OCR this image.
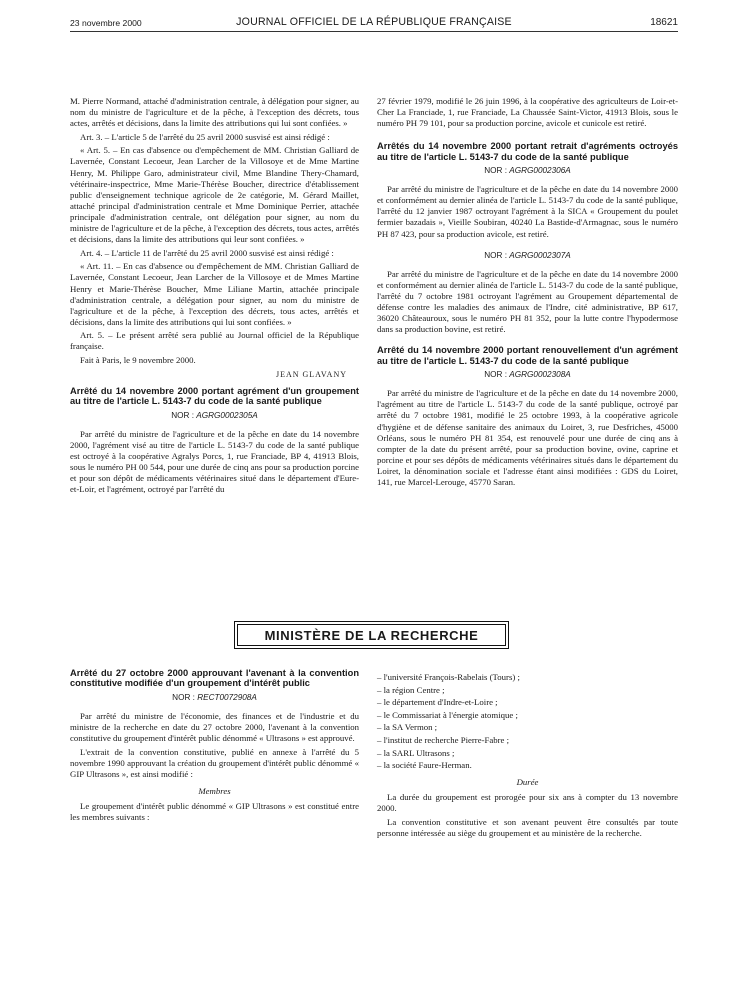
23 novembre 2000	JOURNAL OFFICIEL DE LA RÉPUBLIQUE FRANÇAISE	18621

M. Pierre Normand, attaché d'administration centrale, à délégation pour signer, au nom du ministre de l'agriculture et de la pêche, à l'exception des décrets, tous actes, arrêtés et décisions, dans la limite des attributions qui lui sont confiées. »

Art. 3. – L'article 5 de l'arrêté du 25 avril 2000 susvisé est ainsi rédigé :

« Art. 5. – En cas d'absence ou d'empêchement de MM. Christian Galliard de Lavernée, Constant Lecoeur, Jean Larcher de la Villosoye et de Mme Martine Henry, M. Philippe Garo, administrateur civil, Mme Blandine Thery-Chamard, vétérinaire-inspectrice, Mme Marie-Thérèse Boucher, directrice d'établissement public d'enseignement technique agricole de 2e catégorie, M. Gérard Maillet, attaché principal d'administration centrale et Mme Dominique Perrier, attachée principale d'administration centrale, ont délégation pour signer, au nom du ministre de l'agriculture et de la pêche, à l'exception des décrets, tous actes, arrêtés et décisions, dans la limite des attributions qui leur sont confiées. »

Art. 4. – L'article 11 de l'arrêté du 25 avril 2000 susvisé est ainsi rédigé :

« Art. 11. – En cas d'absence ou d'empêchement de MM. Christian Galliard de Lavernée, Constant Lecoeur, Jean Larcher de la Villosoye et de Mmes Martine Henry et Marie-Thérèse Boucher, Mme Liliane Martin, attachée principale d'administration centrale, a délégation pour signer, au nom du ministre de l'agriculture et de la pêche, à l'exception des décrets, tous actes, arrêtés et décisions, dans la limite des attributions qui lui sont confiées. »

Art. 5. – Le présent arrêté sera publié au Journal officiel de la République française.

Fait à Paris, le 9 novembre 2000.

JEAN GLAVANY

Arrêté du 14 novembre 2000 portant agrément d'un groupement au titre de l'article L. 5143-7 du code de la santé publique
NOR : AGRG0002305A

Par arrêté du ministre de l'agriculture et de la pêche en date du 14 novembre 2000, l'agrément visé au titre de l'article L. 5143-7 du code de la santé publique est octroyé à la coopérative Agralys Porcs, 1, rue Franciade, BP 4, 41913 Blois, sous le numéro PH 00 544, pour une durée de cinq ans pour sa production porcine et pour son dépôt de médicaments vétérinaires situé dans le département d'Eure-et-Loir, et l'agrément, octroyé par l'arrêté du

27 février 1979, modifié le 26 juin 1996, à la coopérative des agriculteurs de Loir-et-Cher La Franciade, 1, rue Franciade, La Chaussée Saint-Victor, 41913 Blois, sous le numéro PH 79 101, pour sa production porcine, avicole et cunicole est retiré.

Arrêtés du 14 novembre 2000 portant retrait d'agréments octroyés au titre de l'article L. 5143-7 du code de la santé publique
NOR : AGRG0002306A

Par arrêté du ministre de l'agriculture et de la pêche en date du 14 novembre 2000 et conformément au dernier alinéa de l'article L. 5143-7 du code de la santé publique, l'arrêté du 12 janvier 1987 octroyant l'agrément à la SICA « Groupement du poulet fermier bazadais », Vieille Soubiran, 40240 La Bastide-d'Armagnac, sous le numéro PH 87 423, pour sa production avicole, est retiré.

NOR : AGRG0002307A

Par arrêté du ministre de l'agriculture et de la pêche en date du 14 novembre 2000 et conformément au dernier alinéa de l'article L. 5143-7 du code de la santé publique, l'arrêté du 7 octobre 1981 octroyant l'agrément au Groupement départemental de défense contre les maladies des animaux de l'Indre, cité administrative, BP 617, 36020 Châteauroux, sous le numéro PH 81 352, pour la lutte contre l'hypodermose dans sa production bovine, est retiré.

Arrêté du 14 novembre 2000 portant renouvellement d'un agrément au titre de l'article L. 5143-7 du code de la santé publique
NOR : AGRG0002308A

Par arrêté du ministre de l'agriculture et de la pêche en date du 14 novembre 2000, l'agrément au titre de l'article L. 5143-7 du code de la santé publique, octroyé par arrêté du 7 octobre 1981, modifié le 25 octobre 1993, à la coopérative agricole d'hygiène et de défense sanitaire des animaux du Loiret, 3, rue Desfriches, 45000 Orléans, sous le numéro PH 81 354, est renouvelé pour une durée de cinq ans à compter de la date du présent arrêté, pour sa production bovine, ovine, caprine et porcine et pour ses dépôts de médicaments vétérinaires situés dans le département du Loiret, la dénomination sociale et l'adresse étant ainsi modifiées : GDS du Loiret, 141, rue Marcel-Lerouge, 45770 Saran.

MINISTÈRE DE LA RECHERCHE
Arrêté du 27 octobre 2000 approuvant l'avenant à la convention constitutive modifiée d'un groupement d'intérêt public
NOR : RECT0072908A

Par arrêté du ministre de l'économie, des finances et de l'industrie et du ministre de la recherche en date du 27 octobre 2000, l'avenant à la convention constitutive du groupement d'intérêt public dénommé « Ultrasons » est approuvé.

L'extrait de la convention constitutive, publié en annexe à l'arrêté du 5 novembre 1990 approuvant la création du groupement d'intérêt public dénommé « GIP Ultrasons », est ainsi modifié :

Membres

Le groupement d'intérêt public dénommé « GIP Ultrasons » est constitué entre les membres suivants :

– l'université François-Rabelais (Tours) ;

– la région Centre ;

– le département d'Indre-et-Loire ;

– le Commissariat à l'énergie atomique ;

– la SA Vermon ;

– l'institut de recherche Pierre-Fabre ;

– la SARL Ultrasons ;

– la société Faure-Herman.

Durée

La durée du groupement est prorogée pour six ans à compter du 13 novembre 2000.

La convention constitutive et son avenant peuvent être consultés par toute personne intéressée au siège du groupement et au ministère de la recherche.
